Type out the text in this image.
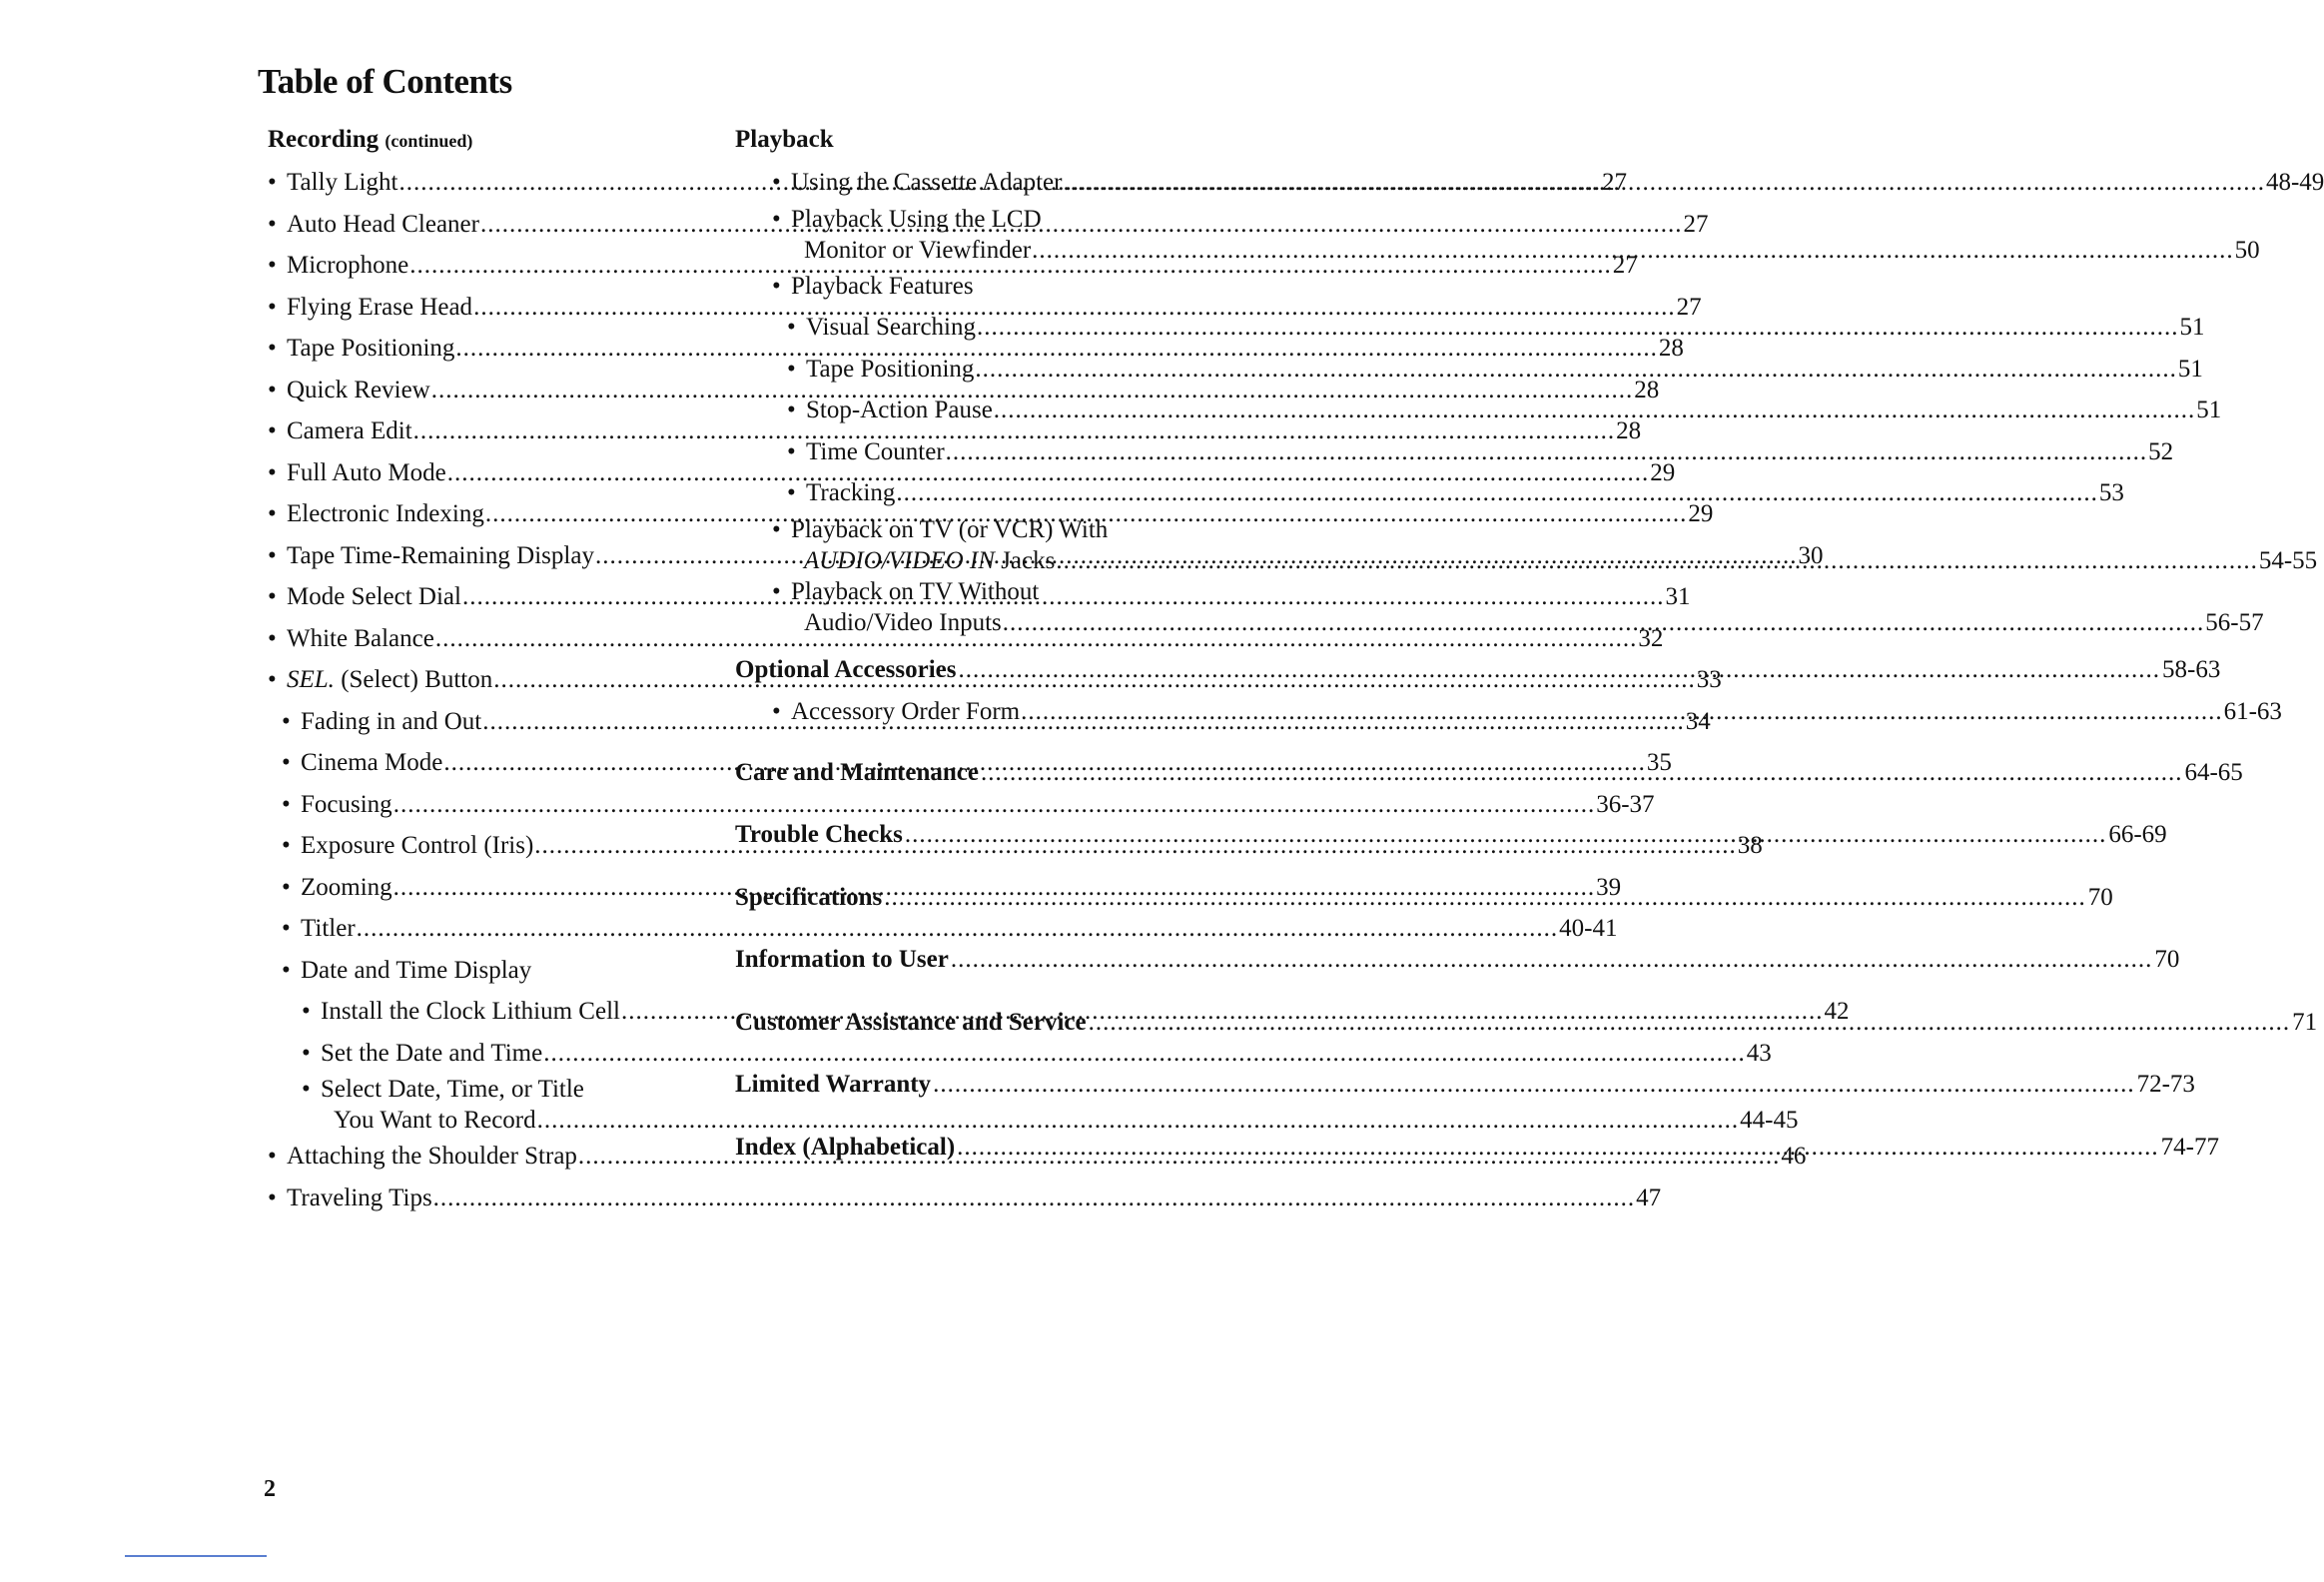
Table of Contents
Recording (continued)
• Tally Light .....	27
• Auto Head Cleaner .....	27
• Microphone .....	27
• Flying Erase Head .....	27
• Tape Positioning .....	28
• Quick Review .....	28
• Camera Edit .....	28
• Full Auto Mode .....	29
• Electronic Indexing .....	29
• Tape Time-Remaining Display .....	30
• Mode Select Dial .....	31
• White Balance .....	32
• SEL. (Select) Button .....	33
• Fading in and Out .....	34
• Cinema Mode .....	35
• Focusing .....	36-37
• Exposure Control (Iris) .....	38
• Zooming .....	39
• Titler .....	40-41
• Date and Time Display
• Install the Clock Lithium Cell .....	42
• Set the Date and Time .....	43
• Select Date, Time, or Title
You Want to Record .....	44-45
• Attaching the Shoulder Strap .....	46
• Traveling Tips .....	47
Playback
• Using the Cassette Adapter .....	48-49
• Playback Using the LCD
Monitor or Viewfinder .....	50
• Playback Features
• Visual Searching .....	51
• Tape Positioning .....	51
• Stop-Action Pause .....	51
• Time Counter .....	52
• Tracking .....	53
• Playback on TV (or VCR) With
AUDIO/VIDEO IN Jacks .....	54-55
• Playback on TV Without
Audio/Video Inputs .....	56-57
Optional Accessories .....	58-63
• Accessory Order Form .....	61-63
Care and Maintenance .....	64-65
Trouble Checks .....	66-69
Specifications .....	70
Information to User .....	70
Customer Assistance and Service .....	71
Limited Warranty .....	72-73
Index (Alphabetical) .....	74-77
2
